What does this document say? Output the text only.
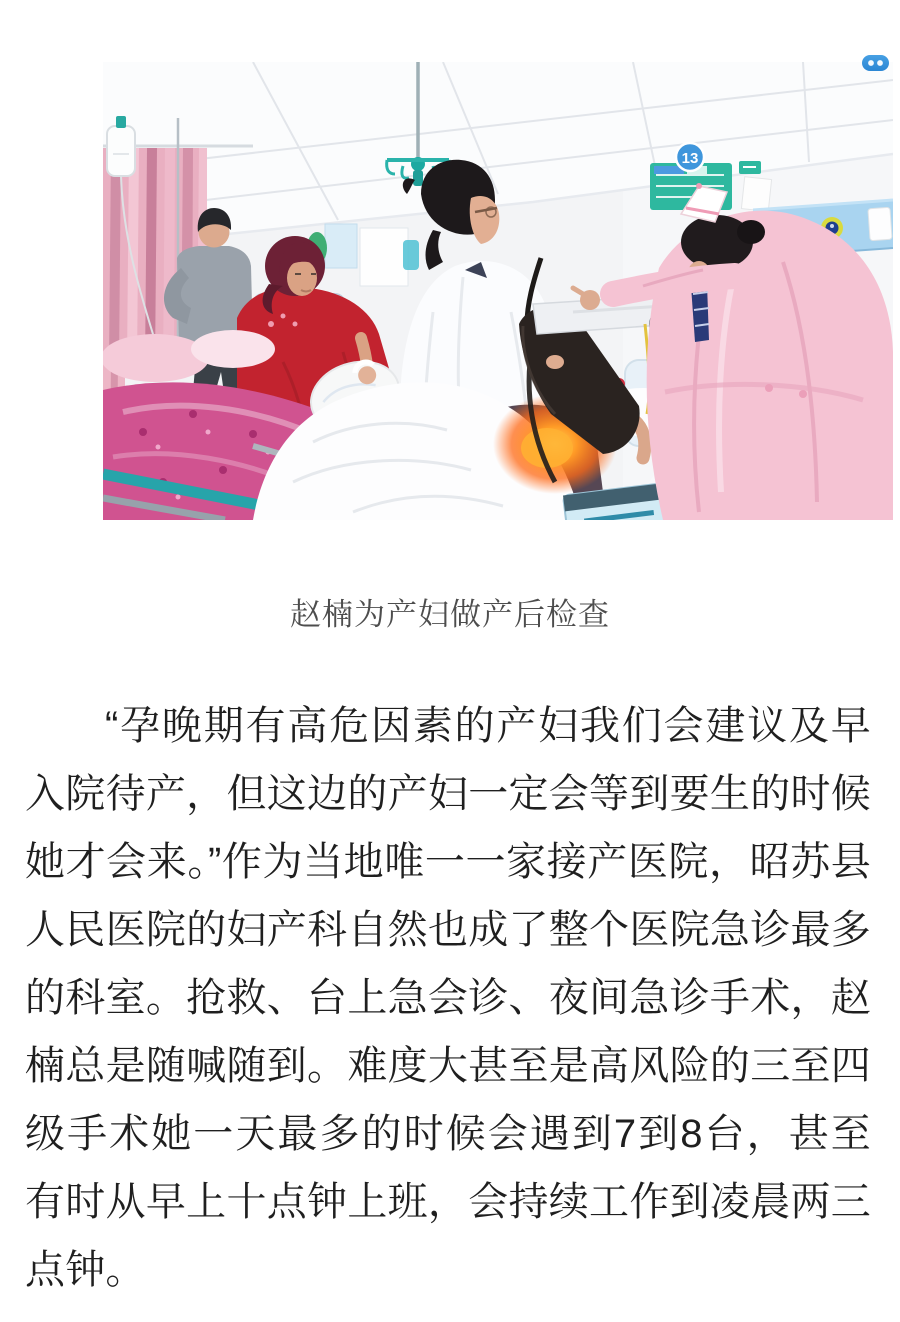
13
赵楠为产妇做产后检查

“孕晚期有高危因素的产妇我们会建议及早入院待产，但这边的产妇一定会等到要生的时候她才会来。”作为当地唯一一家接产医院，昭苏县人民医院的妇产科自然也成了整个医院急诊最多的科室。抢救、台上急会诊、夜间急诊手术，赵楠总是随喊随到。难度大甚至是高风险的三至四级手术她一天最多的时候会遇到7到8台，甚至有时从早上十点钟上班，会持续工作到凌晨两三点钟。
